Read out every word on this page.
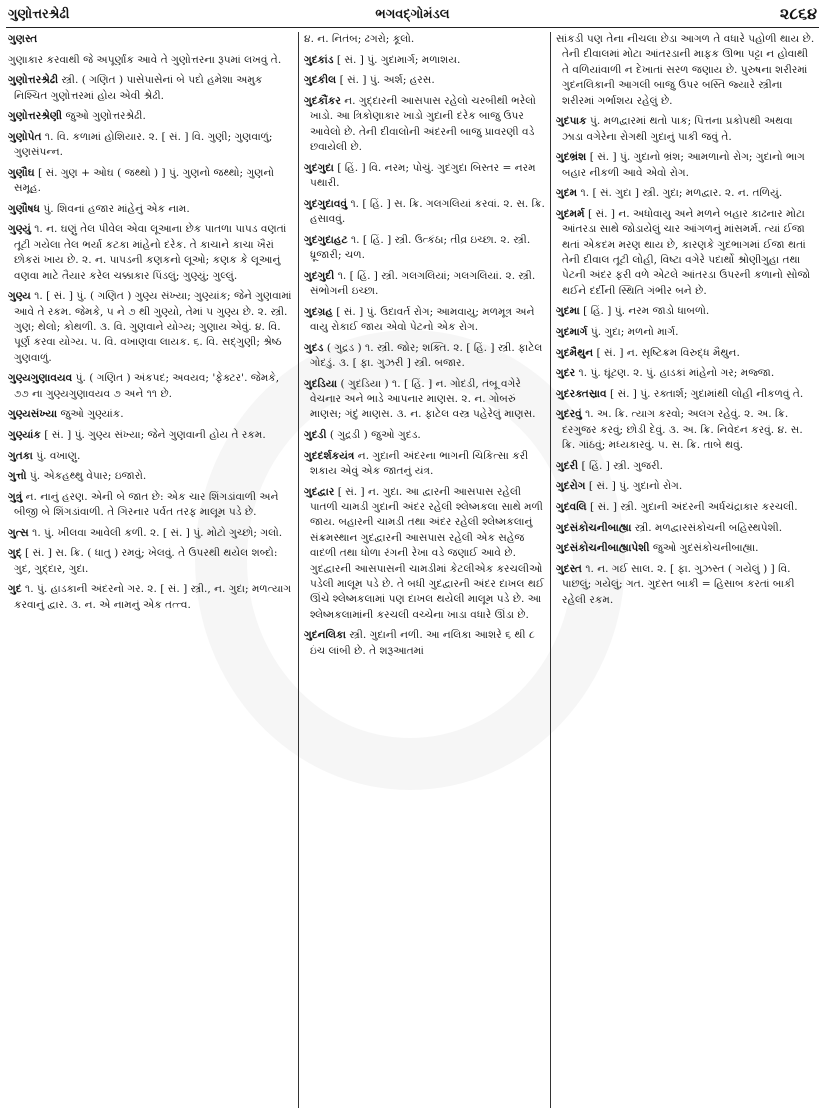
ગુણોત્તરશ્રેઢી	ભગવદ્ગોમંડલ	૨૮૬૪
ગુણસ્ત
ગુણાકાર કરવાથી જે અપૂર્ણાંક આવે તે ગુણોત્તરના રૂપમાં લખવું તે.
ગુણોત્તરશ્રેઢી સ્ત્રી. ( ગણિત ) પાસેપાસેનાં બે પદો હમેશા અમુક નિશ્ચિત ગુણોત્તરમાં હોય એવી શ્રેઢી.
ગુણોત્તરશ્રેણી જુઓ ગુણોત્તરશ્રેઢી.
ગુણોપેત ૧. વિ. કળામાં હોશિયાર. ૨. [ સં. ] વિ. ગુણી; ગુણવાળું; ગુણસંપન્ન.
ગુણૌઘ [ સં. ગુણ + ઓઘ ( જથ્થો ) ] પું. ગુણનો જથ્થો; ગુણનો સમૂહ.
ગુણૌષધ પું. શિવનાં હજાર માંહેનું એક નામ.
ગુણ્યું ૧. ન. ઘણું તેલ પીવેલ એવા લૂઆના છેક પાતળા પાપડ વણતાં તૂટી ગયેલા તેલ ભર્યા કટકા માંહેનો દરેક. તે કાચાને કાચા ખૈરાં છોકરાં ખાય છે. ૨. ન. પાપડની કણકનો લૂઓ; કણક કે લૂઆનું વણવા માટે તૈયાર કરેલ ચક્કાકાર પિંડલું; ગુણ્યું; ગુલ્લું.
ગુણ્ય ૧. [ સં. ] પું. ( ગણિત ) ગુણ્ય સંખ્યા; ગુણ્યાંક; જેને ગુણવામાં આવે તે રકમ. જેમકે, ૫ ને ૭ થી ગુણ્યો, તેમાં ૫ ગુણ્ય છે. ૨. સ્ત્રી. ગુણ; થેલો; કોથળી. ૩. વિ. ગુણવાને યોગ્ય; ગુણાય એવું. ૪. વિ. પૂર્ણ કરવા યોગ્ય. ૫. વિ. વખાણવા લાયક. ૬. વિ. સદ્ગુણી; શ્રેષ્ઠ ગુણવાળું.
ગુણ્યગુણાવયવ પું. ( ગણિત ) અંકપદ; અવયવ; 'ફેક્ટર'. જેમકે, ૭૭ ના ગુણ્યગુણાવયવ ૭ અને ૧૧ છે.
ગુણ્યસંખ્યા જુઓ ગુણ્યાંક.
ગુણ્યાંક [ સં. ] પું. ગુણ્ય સંખ્યા; જેને ગુણવાની હોય તે રકમ.
ગુતકા પું. વખાણુ.
ગુત્તો પું. એકહથ્થુ વેપાર; ઇજારો.
ગુત્રું ન. નાનું હરણ. એની બે જાત છે: એક ચાર શિંગડાંવાળી અને બીજી બે શિંગડાંવાળી. તે ગિરનાર પર્વત તરફ માલૂમ પડે છે.
ગુત્સ ૧. પું. ખીલવા આવેલી કળી. ૨. [ સં. ] પું. મોટો ગુચ્છો; ગલો.
ગુદ્ [ સં. ] સ. ક્રિ. ( ધાતુ ) રમવું; ખેલવું. તે ઉપરથી થયેલ શબ્દો: ગુદ, ગુદ્દાર, ગુદા.
ગુદ ૧. પું. હાડકાની અંદરનો ગર. ૨. [ સં. ] સ્ત્રી., ન. ગુદા; મળત્યાગ કરવાનું દ્વાર. ૩. ન. એ નામનું એક તત્ત્વ.
૪. ન. નિતંબ; ઢગરો; કૂલો.
ગુદકાંડ [ સં. ] પું. ગુદામાર્ગ; મળાશય.
ગુદકીલ [ સં. ] પું. અર્શ; હરસ.
ગુદકૌંકર ન. ગુદ્દારની આસપાસ રહેલો ચરબીથી ભરેલો ખાડો. આ ત્રિકોણાકાર ખાડો ગુદાની દરેક બાજુ ઉપર આવેલો છે. તેની દીવાલોની અંદરની બાજુ પ્રાવરણી વડે છવાયેલી છે.
ગુદગુદા [ હિં. ] વિ. નરમ; પોચું. ગુદગુદા બિસ્તર = નરમ પથારી.
ગુદગુદાવવું ૧. [ હિં. ] સ. ક્રિ. ગલગલિયાં કરવાં. ૨. સ. ક્રિ. હસાવવું.
ગુદગુદાહટ ૧. [ હિં. ] સ્ત્રી. ઉત્કંઠા; તીવ્ર ઇચ્છા. ૨. સ્ત્રી. ધ્રૂજારી; ચળ.
ગુદગુદી ૧. [ હિં. ] સ્ત્રી. ગલગલિયાં; ગલગલિયાં. ૨. સ્ત્રી. સંભોગની ઇચ્છા.
ગુદગ્રહ [ સં. ] પું. ઉદાવર્ત રોગ; આમવાયુ; મળમૂત્ર અને વાયુ રોકાઈ જાય એવો પેટનો એક રોગ.
ગુદડ ( ગુદ્રડ ) ૧. સ્ત્રી. જોર; શક્તિ. ૨. [ હિં. ] સ્ત્રી. ફાટેલ ગોદડું. ૩. [ ફા. ગુઝરી ] સ્ત્રી. બજાર.
ગુદડિયા ( ગુદડિયા ) ૧. [ હિં. ] ન. ગોદડી, તંબૂ વગેરે વેચનાર અને ભાડે આપનાર માણસ. ૨. ન. ગોબરું માણસ; ગંદું માણસ. ૩. ન. ફાટેલ વસ્ત્ર પહેરેલું માણસ.
ગુદડી ( ગુદ્રડી ) જુઓ ગુદડ.
ગુદદર્શકયંત્ર ન. ગુદાની અંદરના ભાગની ચિકિત્સા કરી શકાય એવું એક જાતનું યંત્ર.
ગુદદ્વાર [ સં. ] ન. ગુદા. આ દ્વારની આસપાસ રહેલી પાતળી ચામડી ગુદાની અંદર રહેલી શ્લેષ્મકલા સાથે મળી જાય. બહારની ચામડી તથા અંદર રહેલી શ્લેષ્મકલાનું સંક્રમસ્થાન ગુદદ્વારની આસપાસ રહેલી એક સહેજ વાદળી તથા ધોળા રંગની રેખા વડે જણાઈ આવે છે. ગુદદ્વારની આસપાસની ચામડીમાં કેટલીએક કરચલીઓ પડેલી માલૂમ પડે છે. તે બધી ગુદદ્વારની અંદર દાખલ થઈ ઊંચે શ્લેષ્મકલામાં પણ દાખલ થયેલી માલૂમ પડે છે. આ શ્લેષ્મકલામાંની કરચલી વચ્ચેના ખાડા વધારે ઊંડા છે.
ગુદનલિકા સ્ત્રી. ગુદાની નળી. આ નલિકા આશરે ૬ થી ૮ ઇંચ લાંબી છે. તે શરૂઆતમાં
સાંકડી પણ તેના નીચલા છેડા આગળ તે વધારે પહોળી થાય છે. તેની દીવાલમાં મોટા આંતરડાની માફક ઊભા પટ્ટા ન હોવાથી તે વળિયાંવાળી ન દેખાતાં સરળ જણાય છે. પુરુષના શરીરમાં ગુદનલિકાની આગલી બાજુ ઉપર બસ્તિ જ્યારે સ્ત્રીના શરીરમાં ગર્ભાશય રહેલું છે.
ગુદપાક પું. મળદ્વારમાં થતો પાક; પિત્તના પ્રકોપથી અથવા ઝાડા વગેરેના રોગથી ગુદાનું પાકી જવું તે.
ગુદભ્રંશ [ સં. ] પું. ગુદાનો ભ્રંશ; આમળાનો રોગ; ગુદાનો ભાગ બહાર નીકળી આવે એવો રોગ.
ગુદમ ૧. [ સં. ગુદા ] સ્ત્રી. ગુદા; મળદ્વાર. ૨. ન. તળિયું.
ગુદમર્મ [ સં. ] ન. અધોવાયુ અને મળને બહાર કાઢનાર મોટા આંતરડા સાથે જોડાયેલું ચાર આંગળનું માંસમર્મ. ત્યાં ઈજા થતાં એકદમ મરણ થાય છે, કારણકે ગુદભાગમાં ઈજા થતાં તેની દીવાલ તૂટી લોહી, વિષ્ટા વગેરે પદાર્થો શ્રોણીગુહા તથા પેટની અંદર ફરી વળે એટલે આંતરડા ઉપરની કળાનો સોજો થઈને દર્દીની સ્થિતિ ગંભીર બને છે.
ગુદમા [ હિં. ] પું. નરમ જાડો ધાબળો.
ગુદમાર્ગ પું. ગુદા; મળનો માર્ગ.
ગુદમૈથુન [ સં. ] ન. સૃષ્ટિક્રમ વિરુદ્ધ મૈથુન.
ગુદર ૧. પું. ઘૂંટણ. ૨. પું. હાડકાં માંહેનો ગર; મજ્જા.
ગુદરક્તસ્રાવ [ સં. ] પું. રક્તાર્શ; ગુદામાંથી લોહી નીકળવું તે.
ગુદરવું ૧. અ. ક્રિ. ત્યાગ કરવો; અલગ રહેવું. ૨. અ. ક્રિ. દરગુજર કરવું; છોડી દેવું. ૩. અ. ક્રિ. નિવેદન કરવું. ૪. સ. ક્રિ. ગાંઠવું; મધ્યકારવું. ૫. સ. ક્રિ. તાબે થવું.
ગુદરી [ હિં. ] સ્ત્રી. ગુજરી.
ગુદરોગ [ સં. ] પું. ગુદાનો રોગ.
ગુદવલિ [ સં. ] સ્ત્રી. ગુદાની અંદરની અર્ધચંદ્રાકાર કરચલી.
ગુદસંકોચનીબાહ્યા સ્ત્રી. મળદ્વારસંકોચની બહિસ્થપેશી.
ગુદસંકોચનીબાહ્યાપેશી જુઓ ગુદસંકોચનીબાહ્યા.
ગુદસ્ત ૧. ન. ગઈ સાલ. ૨. [ ફા. ગુઝસ્ત ( ગયેલું ) ] વિ. પાછલું; ગયેલું; ગત. ગુદસ્ત બાકી = હિસાબ કરતાં બાકી રહેલી રકમ.
